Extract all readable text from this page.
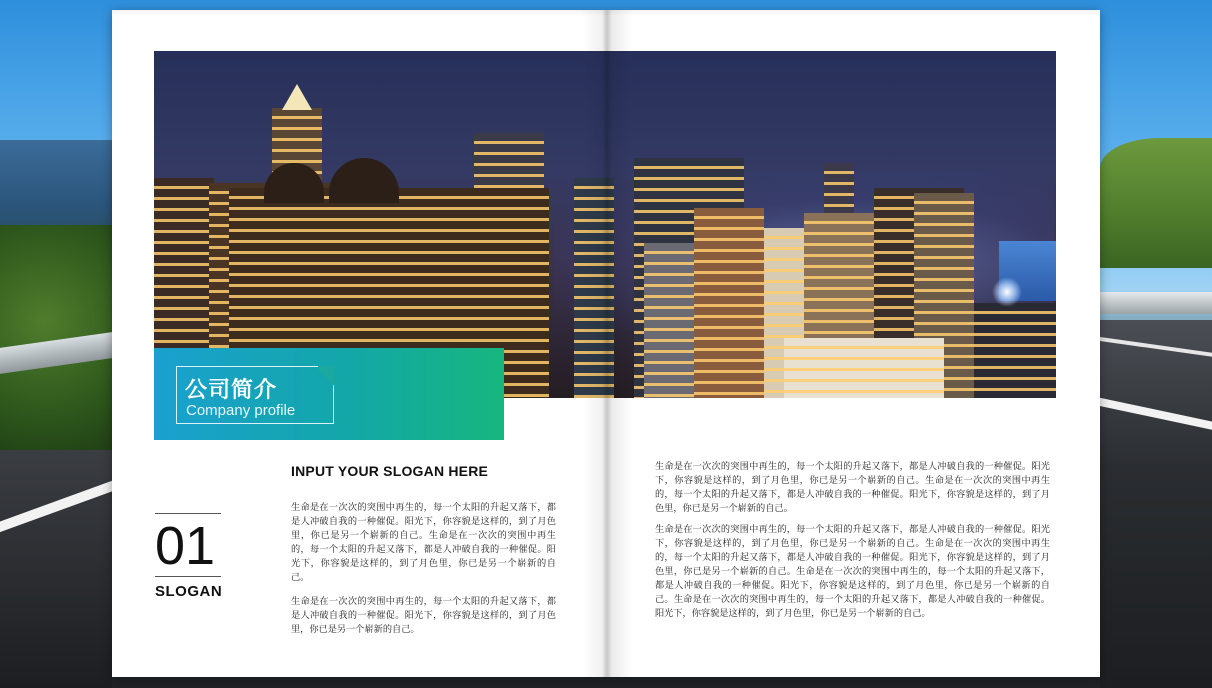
公司简介
Company profile
01
SLOGAN
INPUT YOUR SLOGAN HERE
生命是在一次次的突围中再生的，每一个太阳的升起又落下，都是人冲破自我的一种催促。阳光下，你容貌是这样的，到了月色里，你已是另一个崭新的自己。生命是在一次次的突围中再生的，每一个太阳的升起又落下，都是人冲破自我的一种催促。阳光下，你容貌是这样的，到了月色里，你已是另一个崭新的自己。
生命是在一次次的突围中再生的，每一个太阳的升起又落下，都是人冲破自我的一种催促。阳光下，你容貌是这样的，到了月色里，你已是另一个崭新的自己。
生命是在一次次的突围中再生的，每一个太阳的升起又落下，都是人冲破自我的一种催促。阳光下，你容貌是这样的，到了月色里，你已是另一个崭新的自己。生命是在一次次的突围中再生的，每一个太阳的升起又落下，都是人冲破自我的一种催促。阳光下，你容貌是这样的，到了月色里，你已是另一个崭新的自己。
生命是在一次次的突围中再生的，每一个太阳的升起又落下，都是人冲破自我的一种催促。阳光下，你容貌是这样的，到了月色里，你已是另一个崭新的自己。生命是在一次次的突围中再生的，每一个太阳的升起又落下，都是人冲破自我的一种催促。阳光下，你容貌是这样的，到了月色里，你已是另一个崭新的自己。生命是在一次次的突围中再生的，每一个太阳的升起又落下，都是人冲破自我的一种催促。阳光下，你容貌是这样的，到了月色里，你已是另一个崭新的自己。生命是在一次次的突围中再生的，每一个太阳的升起又落下，都是人冲破自我的一种催促。阳光下，你容貌是这样的，到了月色里，你已是另一个崭新的自己。
